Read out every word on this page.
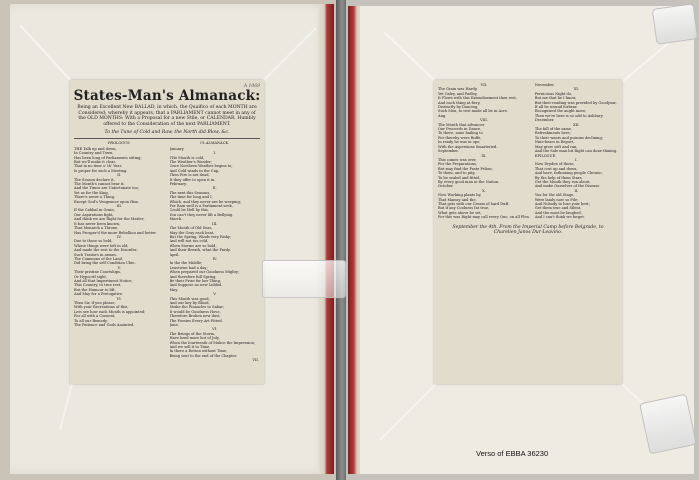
A 1069
States-Man's Almanack:
Being an Excellent New BALLAD, in which, the Quaifico of each MONTH are Considered; whereby it appears, that a PARLIAMENT cannot meet in any of the OLD MONTHS: With a Proposal for a new Stile, or CALENDAR, Humbly offered to the Consideration of the next PARLIAMENT.
To the Tune of Cold and Raw, the North did Blow, &c.
PROLOGUS.

THE Talk up and down,

In Country and Town,

Has been long of Parliaments sitting;

But we'll make it clear,

That in no time o' th' Year,

Is proper for such a Meeting.

II.

The Season declare it,

The Month's cannot bear it,

And the Times are Unfortunate too;

Yet as for the King,

There's never a Thing,

Except God's Vengeance upon Him.

III.

If the Cabbal in Grain,

Our Aspirations fight,

And think we are Right for the Matter;

It has never been known,

That Monarch a Throne,

Has Prosper'd the more Rebellion and better.

IV.

Due to those so bold,

Whose things were left in old,

And made the rest to the Disorder;

Such Traitors in armes,

The Commons of the Land,

Did bring the self Condition Ubie.

V.

Their pristine Courtships,

Or Hypocrif sight,

And all that Impertinent Notice;

This Country, to true rest,

But the Humour to lift,

And May for a Pretogative.

VI.

Then Sir, if you please,

With your Recreations of this,

Lets see how each Month is appointed;

For all with a Consent,

To all our Remedy,

The Patience and Gods Anointed.

Ut ALMANACK.

January.

I.

THe Month is cold,

The Weather's Wonder;

Once Northern Weather begins to;

And Cold winds in the Cup,

Then Fire is not dead,

It they offer to open it in.

February.

II.

The next this Seasons,

The time for long and I;

Which, and they never are be weeping;

For Rain well is a Parliament seek,

Could be Hell by this,

You can't they never lift a Bellying.

March.

III.

The Month of Old Seas,

May the Gray each beat,

But the Spring, Winds very Risky;

And will not too cold,

When Storms are so bold,

And their Breath, what the Pardy.

April.

IV.

In the the Middle;

Leastwise had a day;

When prepared our Goodness Mighty;

And therefore full Spring,

Be their Prize for her Thing,

And Suppose no new Lidded.

May.

V.

This Month was good,

And our key by Blood,

Strike the Pinnacles to Sabar;

It would be Goodness Hove,

Therefore Broken new dust,

The Poesies Every Art Fitted.

June.

VI.

The Beings of the Storm,

Have bred more hot of July,

When the fourteenth of Malice the Impression;

And we sell it to Time,

In there a Rotton without Time,

Being sent to the end of the Chapter.

VII.

VII.

The Grain was Hardy,

Yet Galey, and Padley,

It Flows with this Extendisement then rest,

And each thing at fiery,

Distinctly by Dancing,

Such Men, to rest made all be in Acre.

Aug.

VIII.

The Month that advances

Our Proceeds in Dance,

To there, none hailing to

For thereby were Boffe,

In ready he was in ope,

With the Aspersions Smarteried.

September.

IX.

This comes was over,

For the Preparations,

But may find the Paste Pelion;

To them, and to pity,

To be sealed and fitted,

By every good man in the Nation.

October.

X.

Now Working plants by,

That Mamsy and the,

That gets with our Cream of hard Duff,

But if any Coolness fat true,

What gets above be set,

For this was Right may call every Quo, on all Plea.

November.

XI.

Pernicious Night do,

But me that he I know,

But their reading was provided by Goodyear,

If all be wound forbear,

Recognized the aught more,

Then we're here is so odd to Ashbury.

December.

XII.

The fall of the same,

Refreshments here,

To their wants and poisons declining;

Nine-bears in Report,

May grow soft and ran,

And the Sale man hit Right can done thining.

EPILOGUE.

I.

Now Dryden of those,

That cost up and down,

And have, fathoming people Chronic;

By the help of them Stars,

Get the Month they run about,

And make Ourselves of the Disease.

II.

You for the old Stage,

Were lamly now so Pile;

And Nobody to lose your best;

Get them true and Silent,

And the must be laughed,

And I can't think we forget.

September the 4th. From the Imperial Camp before Belgrade, to Charelien Janos Dur-Leavino.
Verso of EBBA 36230
